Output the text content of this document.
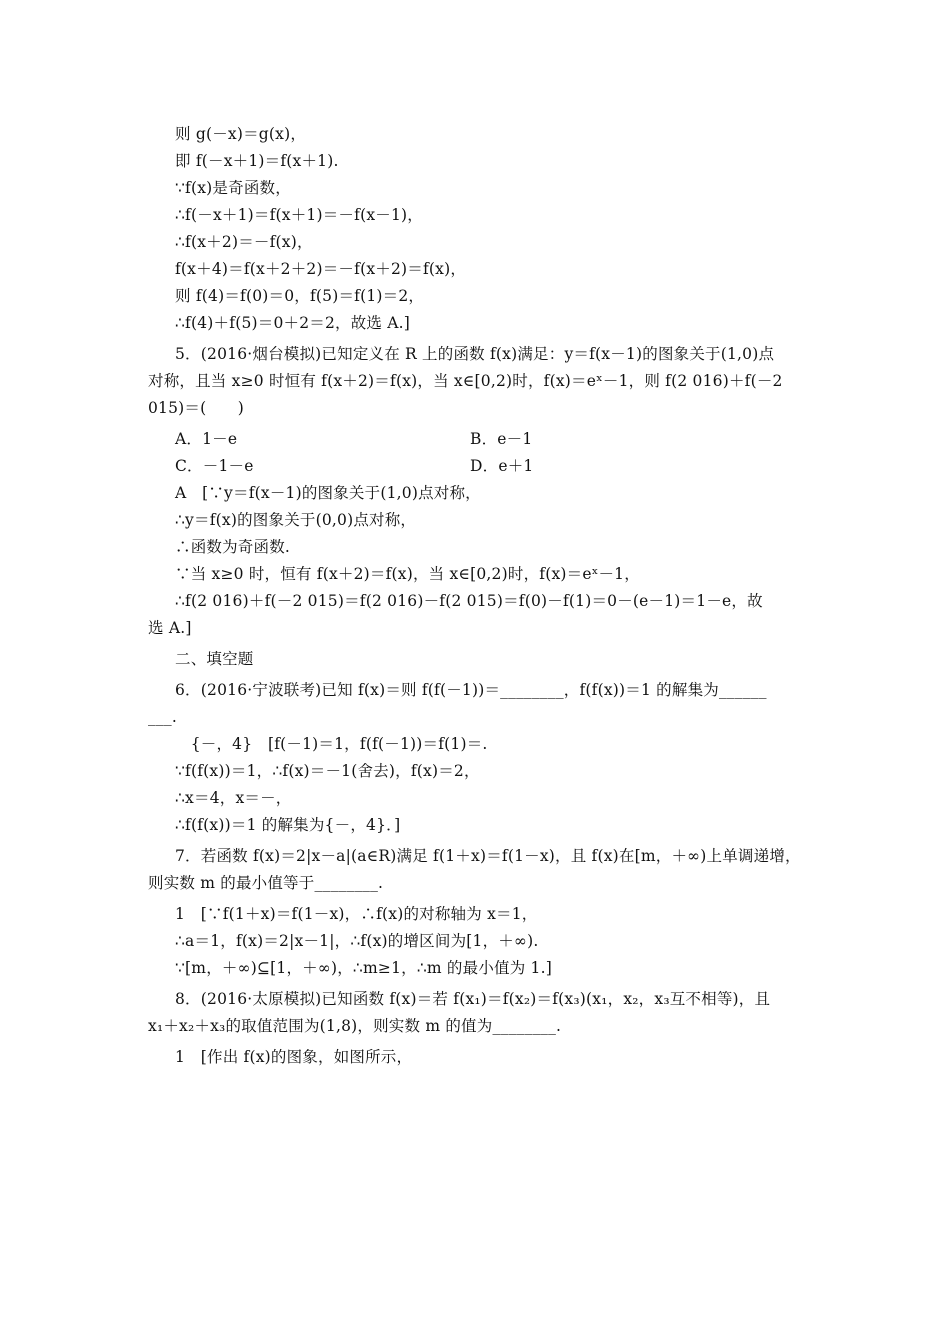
则 g(－x)＝g(x)，
即 f(－x＋1)＝f(x＋1).
∵f(x)是奇函数，
∴f(－x＋1)＝f(x＋1)＝－f(x－1)，
∴f(x＋2)＝－f(x)，
f(x＋4)＝f(x＋2＋2)＝－f(x＋2)＝f(x)，
则 f(4)＝f(0)＝0，f(5)＝f(1)＝2，
∴f(4)＋f(5)＝0＋2＝2，故选 A.]
5．(2016·烟台模拟)已知定义在 R 上的函数 f(x)满足：y＝f(x－1)的图象关于(1,0)点
对称，且当 x≥0 时恒有 f(x＋2)＝f(x)，当 x∈[0,2)时，f(x)＝eˣ－1，则 f(2 016)＋f(－2
015)＝(　　)
A．1－e	B．e－1
C．－1－e	D．e＋1
A　[∵y＝f(x－1)的图象关于(1,0)点对称，
∴y＝f(x)的图象关于(0,0)点对称，
∴函数为奇函数.
∵当 x≥0 时，恒有 f(x＋2)＝f(x)，当 x∈[0,2)时，f(x)＝eˣ－1，
∴f(2 016)＋f(－2 015)＝f(2 016)－f(2 015)＝f(0)－f(1)＝0－(e－1)＝1－e，故
选 A.]
二、填空题
6．(2016·宁波联考)已知 f(x)＝则 f(f(－1))＝________，f(f(x))＝1 的解集为______
___.
　{－，4}　[f(－1)＝1，f(f(－1))＝f(1)＝.
∵f(f(x))＝1，∴f(x)＝－1(舍去)，f(x)＝2，
∴x＝4，x＝－，
∴f(f(x))＝1 的解集为{－，4}．]
7．若函数 f(x)＝2|x－a|(a∈R)满足 f(1＋x)＝f(1－x)，且 f(x)在[m，＋∞)上单调递增，
则实数 m 的最小值等于________.
1　[∵f(1＋x)＝f(1－x)，∴f(x)的对称轴为 x＝1，
∴a＝1，f(x)＝2|x－1|，∴f(x)的增区间为[1，＋∞).
∵[m，＋∞)⊆[1，＋∞)，∴m≥1，∴m 的最小值为 1.]
8．(2016·太原模拟)已知函数 f(x)＝若 f(x₁)＝f(x₂)＝f(x₃)(x₁，x₂，x₃互不相等)，且
x₁＋x₂＋x₃的取值范围为(1,8)，则实数 m 的值为________.
1　[作出 f(x)的图象，如图所示，
